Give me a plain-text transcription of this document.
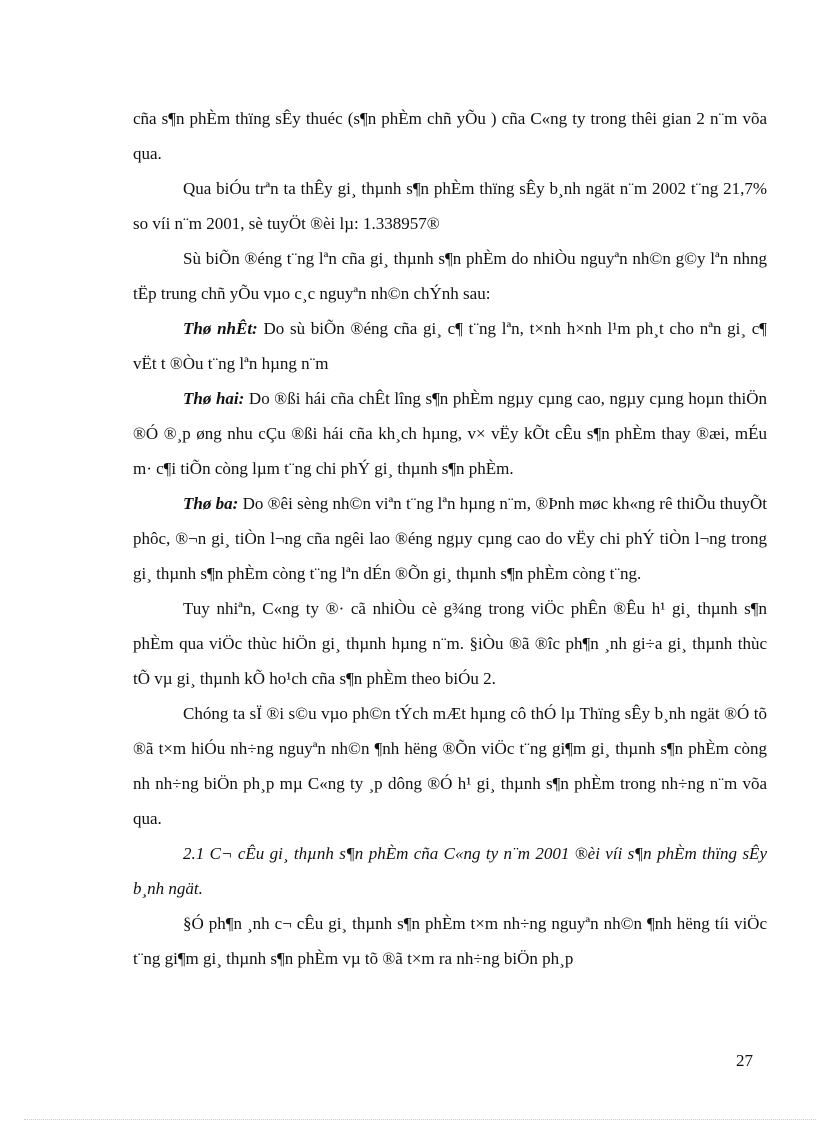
cña s¶n phÈm thïng sÊy thuéc (s¶n phÈm chñ yÕu ) cña C«ng ty trong thêi gian 2 n¨m võa qua.

Qua biÓu trªn ta thÊy gi¸ thµnh s¶n phÈm thïng sÊy b¸nh ngät n¨m 2002 t¨ng 21,7% so víi n¨m 2001, sè tuyÖt ®èi lµ: 1.338957®

Sù biÕn ®éng t¨ng lªn cña gi¸ thµnh s¶n phÈm do nhiÒu nguyªn nh©n g©y lªn nhng tËp trung chñ yÕu vµo c¸c nguyªn nh©n chÝnh sau:

Thø nhÊt: Do sù biÕn ®éng cña gi¸ c¶ t¨ng lªn, t×nh h×nh l¹m ph¸t cho nªn gi¸ c¶ vËt t ®Òu t¨ng lªn hµng n¨m

Thø hai: Do ®ßi hái cña chÊt lîng s¶n phÈm ngµy cµng cao, ngµy cµng hoµn thiÖn ®Ó ®¸p øng nhu cÇu ®ßi hái cña kh¸ch hµng, v× vËy kÕt cÊu s¶n phÈm thay ®æi, mÉu m· c¶i tiÕn còng lµm t¨ng chi phÝ gi¸ thµnh s¶n phÈm.

Thø ba: Do ®êi sèng nh©n viªn t¨ng lªn hµng n¨m, ®Þnh møc kh«ng rê thiÕu thuyÕt phôc, ®¬n gi¸ tiÒn l¬ng cña ngêi lao ®éng ngµy cµng cao do vËy chi phÝ tiÒn l¬ng trong gi¸ thµnh s¶n phÈm còng t¨ng lªn dÉn ®Õn gi¸ thµnh s¶n phÈm còng t¨ng.

Tuy nhiªn, C«ng ty ®· cã nhiÒu cè g¾ng trong viÖc phÊn ®Êu h¹ gi¸ thµnh s¶n phÈm qua viÖc thùc hiÖn gi¸ thµnh hµng n¨m. §iÒu ®ã ®îc ph¶n ¸nh gi÷a gi¸ thµnh thùc tÕ vµ gi¸ thµnh kÕ ho¹ch cña s¶n phÈm theo biÓu 2.

Chóng ta sÏ ®i s©u vµo ph©n tÝch mÆt hµng cô thÓ lµ Thïng sÊy b¸nh ngät ®Ó tõ ®ã t×m hiÓu nh÷ng nguyªn nh©n ¶nh hëng ®Õn viÖc t¨ng gi¶m gi¸ thµnh s¶n phÈm còng nh nh÷ng biÖn ph¸p mµ C«ng ty ¸p dông ®Ó h¹ gi¸ thµnh s¶n phÈm trong nh÷ng n¨m võa qua.

2.1 C¬ cÊu gi¸ thµnh s¶n phÈm cña C«ng ty n¨m 2001 ®èi víi s¶n phÈm thïng sÊy b¸nh ngät.

§Ó ph¶n ¸nh c¬ cÊu gi¸ thµnh s¶n phÈm t×m nh÷ng nguyªn nh©n ¶nh hëng tíi viÖc t¨ng gi¶m gi¸ thµnh s¶n phÈm vµ tõ ®ã t×m ra nh÷ng biÖn ph¸p

27
